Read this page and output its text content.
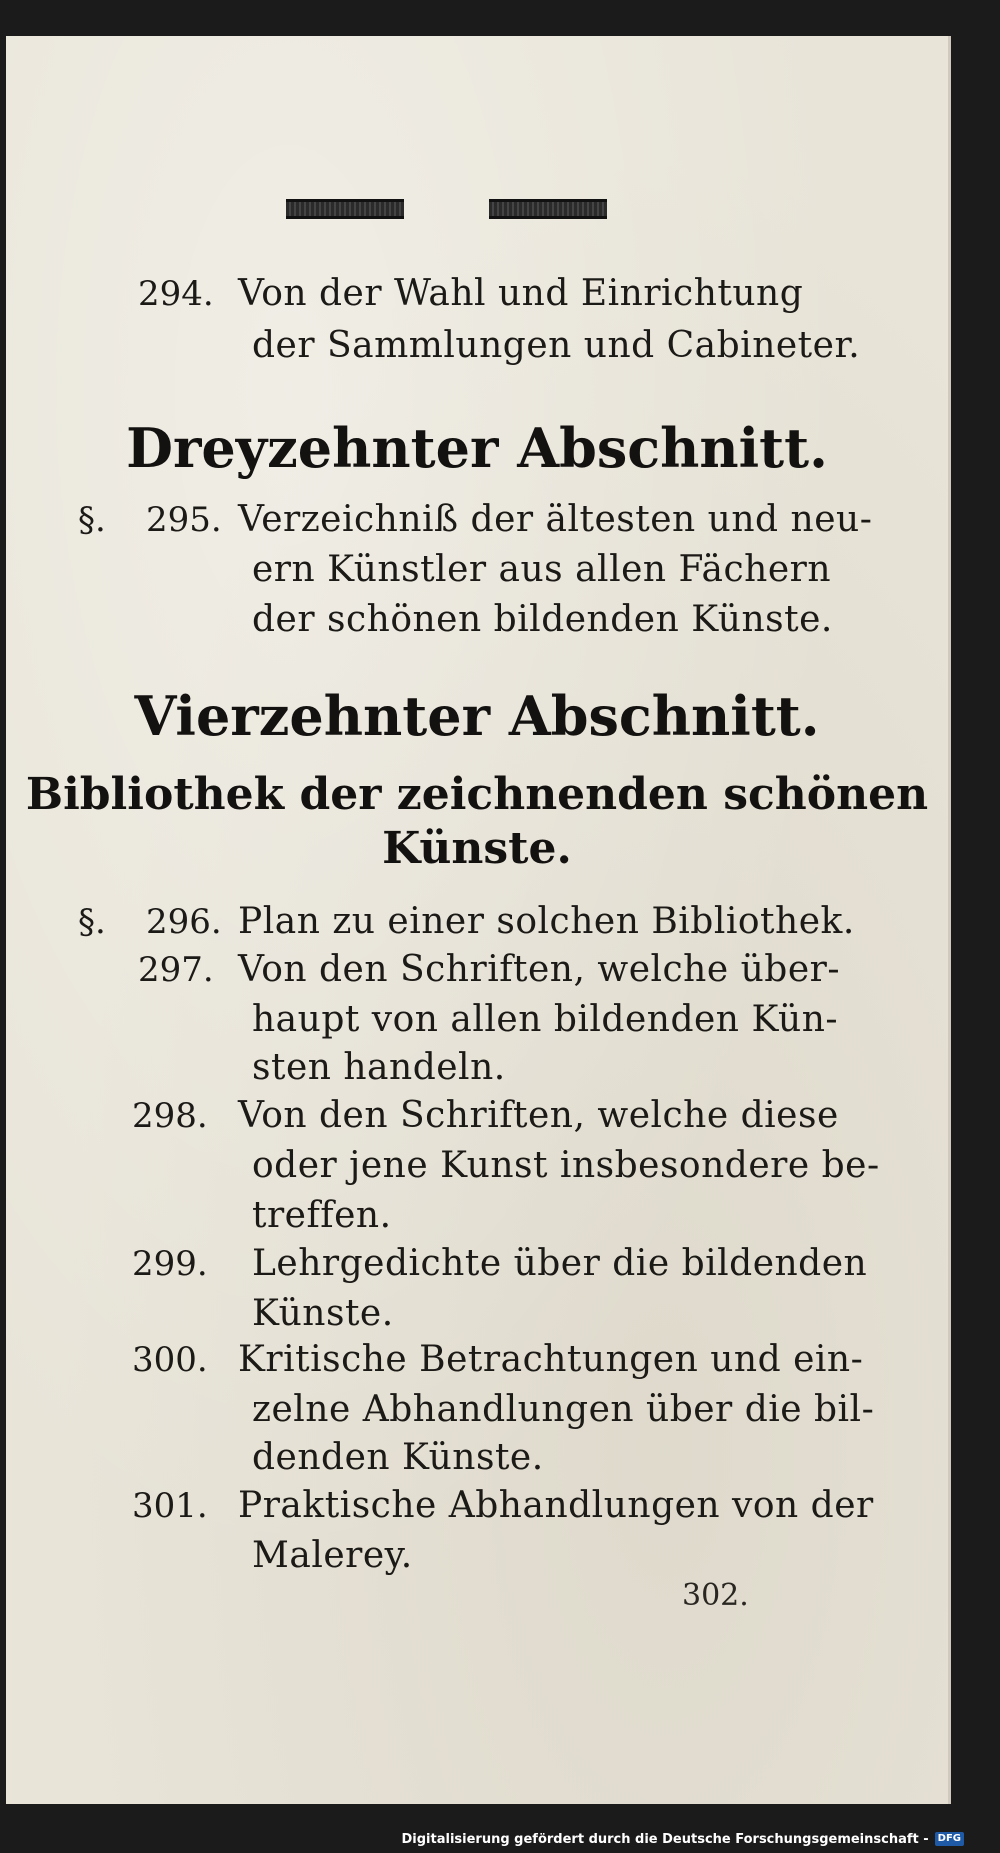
294. Von der Wahl und Einrichtung
der Sammlungen und Cabineter.
Dreyzehnter Abschnitt.
§. 295. Verzeichniß der ältesten und neu-
ern Künstler aus allen Fächern
der schönen bildenden Künste.
Vierzehnter Abschnitt.
Bibliothek der zeichnenden schönen
Künste.
§. 296. Plan zu einer solchen Bibliothek.
297. Von den Schriften, welche über-
haupt von allen bildenden Kün-
sten handeln.
298. Von den Schriften, welche diese
oder jene Kunst insbesondere be-
treffen.
299. Lehrgedichte über die bildenden
Künste.
300. Kritische Betrachtungen und ein-
zelne Abhandlungen über die bil-
denden Künste.
301. Praktische Abhandlungen von der
Malerey.
302.
Digitalisierung gefördert durch die Deutsche Forschungsgemeinschaft - DFG
